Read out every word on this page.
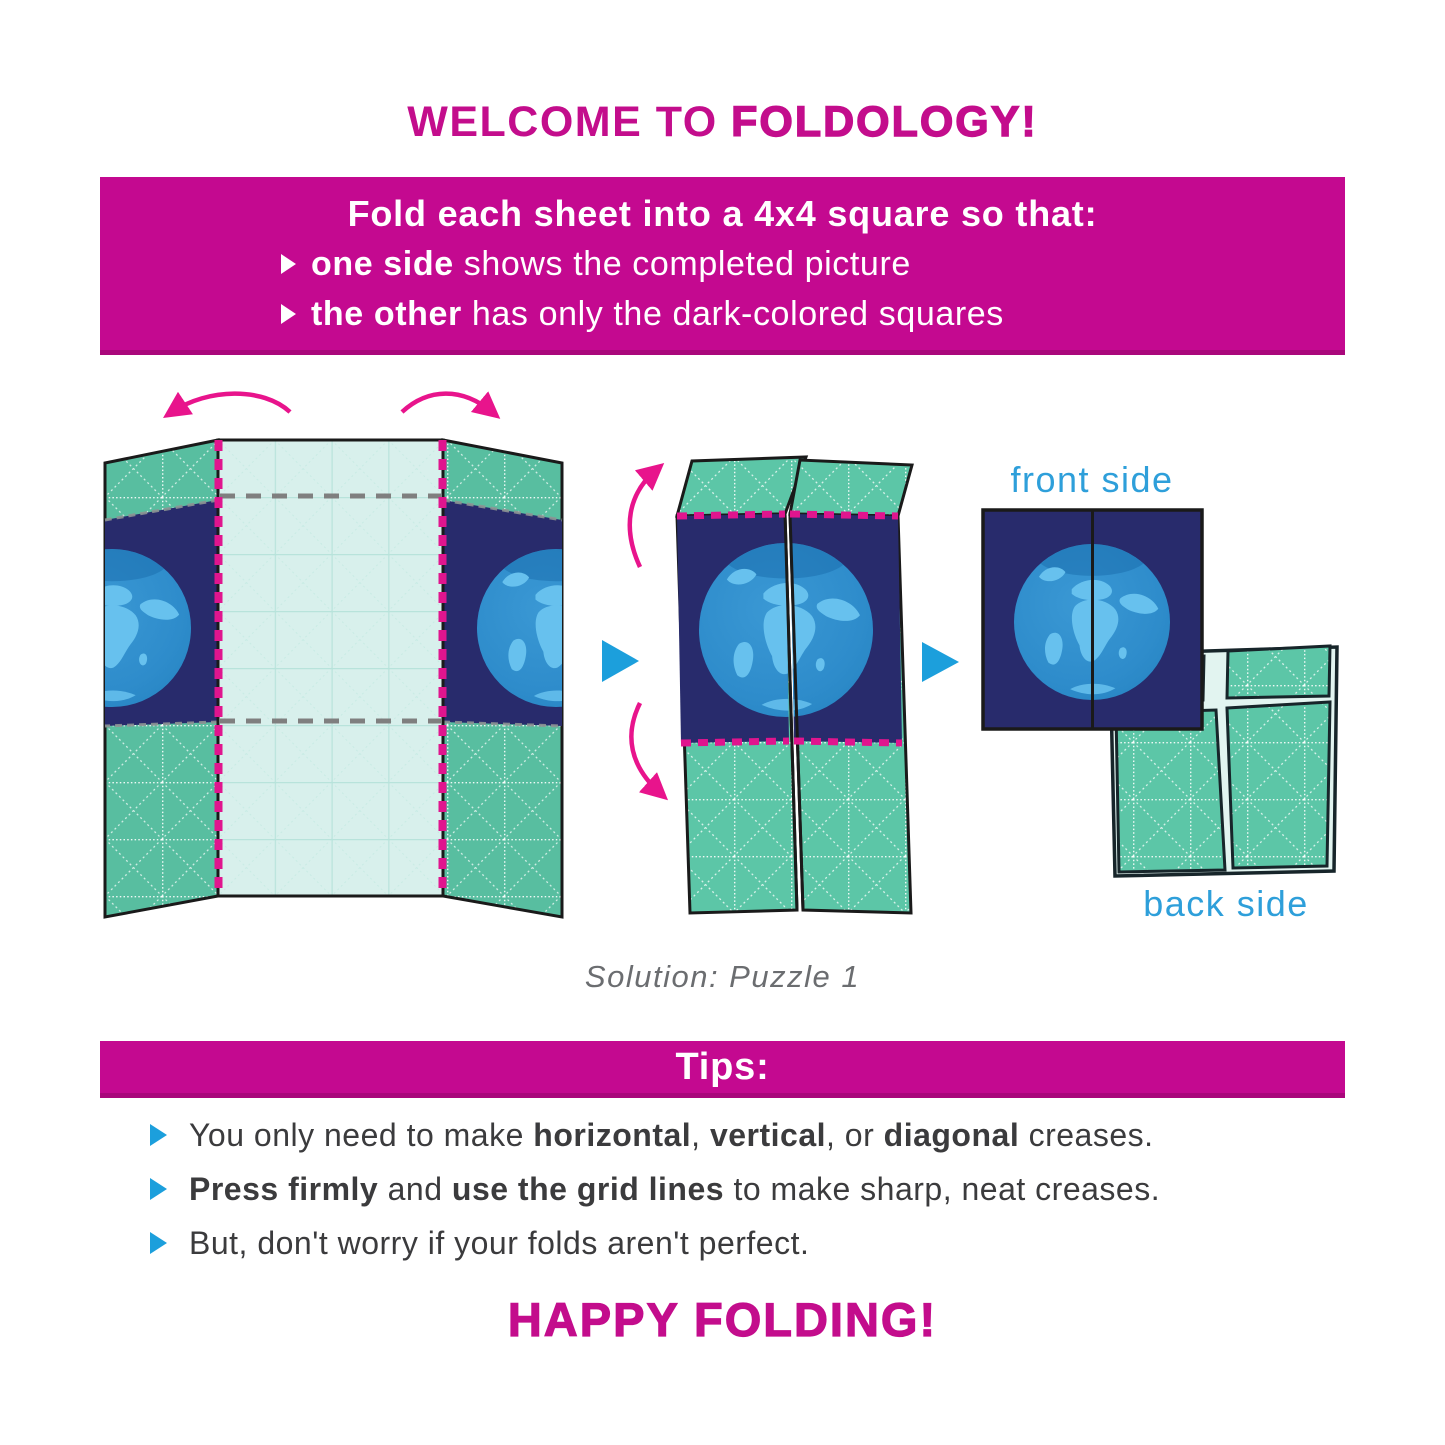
WELCOME TO FOLDOLOGY!
Fold each sheet into a 4x4 square so that:
one side shows the completed picture
the other has only the dark-colored squares
front side
back side
Solution: Puzzle 1
Tips:

You only need to make horizontal, vertical, or diagonal creases.

Press firmly and use the grid lines to make sharp, neat creases.

But, don't worry if your folds aren't perfect.

HAPPY FOLDING!
